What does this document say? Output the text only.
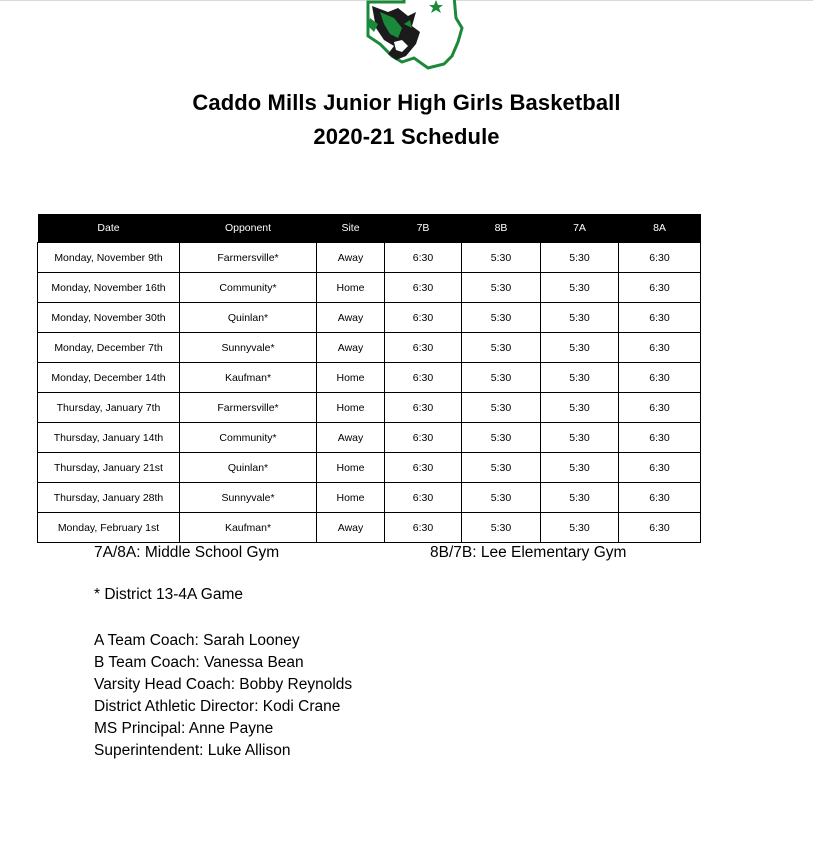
Caddo Mills Junior High Girls Basketball
2020-21 Schedule
Date	Opponent	Site	7B	8B	7A	8A
Monday, November 9th	Farmersville*	Away	6:30	5:30	5:30	6:30
Monday, November 16th	Community*	Home	6:30	5:30	5:30	6:30
Monday, November 30th	Quinlan*	Away	6:30	5:30	5:30	6:30
Monday, December 7th	Sunnyvale*	Away	6:30	5:30	5:30	6:30
Monday, December 14th	Kaufman*	Home	6:30	5:30	5:30	6:30
Thursday, January 7th	Farmersville*	Home	6:30	5:30	5:30	6:30
Thursday, January 14th	Community*	Away	6:30	5:30	5:30	6:30
Thursday, January 21st	Quinlan*	Home	6:30	5:30	5:30	6:30
Thursday, January 28th	Sunnyvale*	Home	6:30	5:30	5:30	6:30
Monday, February 1st	Kaufman*	Away	6:30	5:30	5:30	6:30
7A/8A: Middle School Gym	8B/7B: Lee Elementary Gym
* District 13-4A Game
A Team Coach: Sarah Looney
B Team Coach: Vanessa Bean
Varsity Head Coach: Bobby Reynolds
District Athletic Director: Kodi Crane
MS Principal: Anne Payne
Superintendent: Luke Allison
